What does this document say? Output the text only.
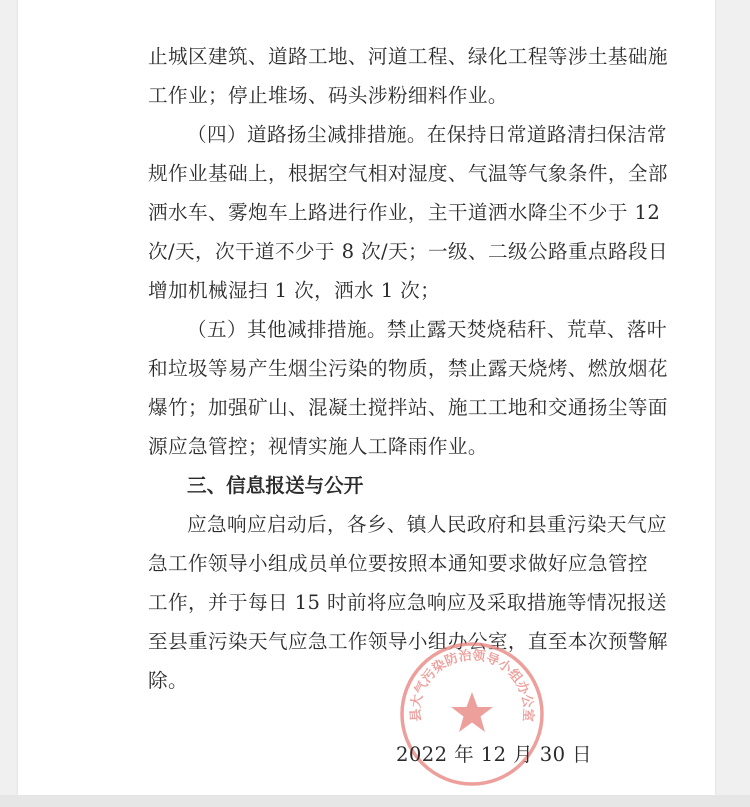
止城区建筑、道路工地、河道工程、绿化工程等涉土基础施
工作业；停止堆场、码头涉粉细料作业。
（四）道路扬尘减排措施。在保持日常道路清扫保洁常
规作业基础上，根据空气相对湿度、气温等气象条件，全部
洒水车、雾炮车上路进行作业，主干道洒水降尘不少于 12
次/天，次干道不少于 8 次/天；一级、二级公路重点路段日
增加机械湿扫 1 次，洒水 1 次；
（五）其他减排措施。禁止露天焚烧秸秆、荒草、落叶
和垃圾等易产生烟尘污染的物质，禁止露天烧烤、燃放烟花
爆竹；加强矿山、混凝土搅拌站、施工工地和交通扬尘等面
源应急管控；视情实施人工降雨作业。
三、信息报送与公开
应急响应启动后，各乡、镇人民政府和县重污染天气应
急工作领导小组成员单位要按照本通知要求做好应急管控
工作，并于每日 15 时前将应急响应及采取措施等情况报送
至县重污染天气应急工作领导小组办公室，直至本次预警解
除。
县大气污染防治领导小组办公室
2022 年 12 月 30 日
